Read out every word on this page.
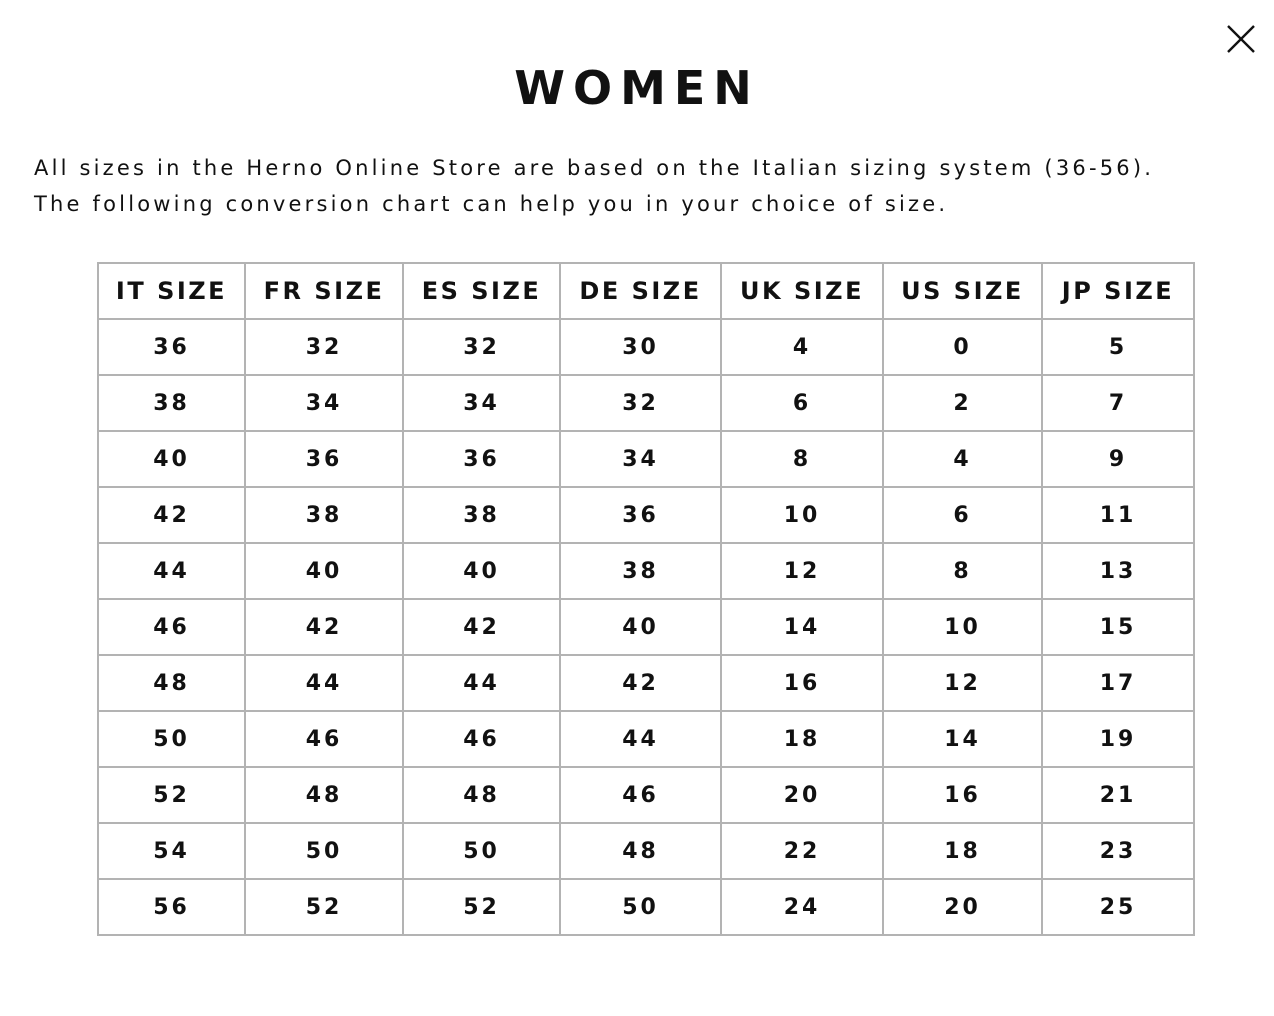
WOMEN
All sizes in the Herno Online Store are based on the Italian sizing system (36-56).
The following conversion chart can help you in your choice of size.
IT SIZE	FR SIZE	ES SIZE	DE SIZE	UK SIZE	US SIZE	JP SIZE
36	32	32	30	4	0	5
38	34	34	32	6	2	7
40	36	36	34	8	4	9
42	38	38	36	10	6	11
44	40	40	38	12	8	13
46	42	42	40	14	10	15
48	44	44	42	16	12	17
50	46	46	44	18	14	19
52	48	48	46	20	16	21
54	50	50	48	22	18	23
56	52	52	50	24	20	25
